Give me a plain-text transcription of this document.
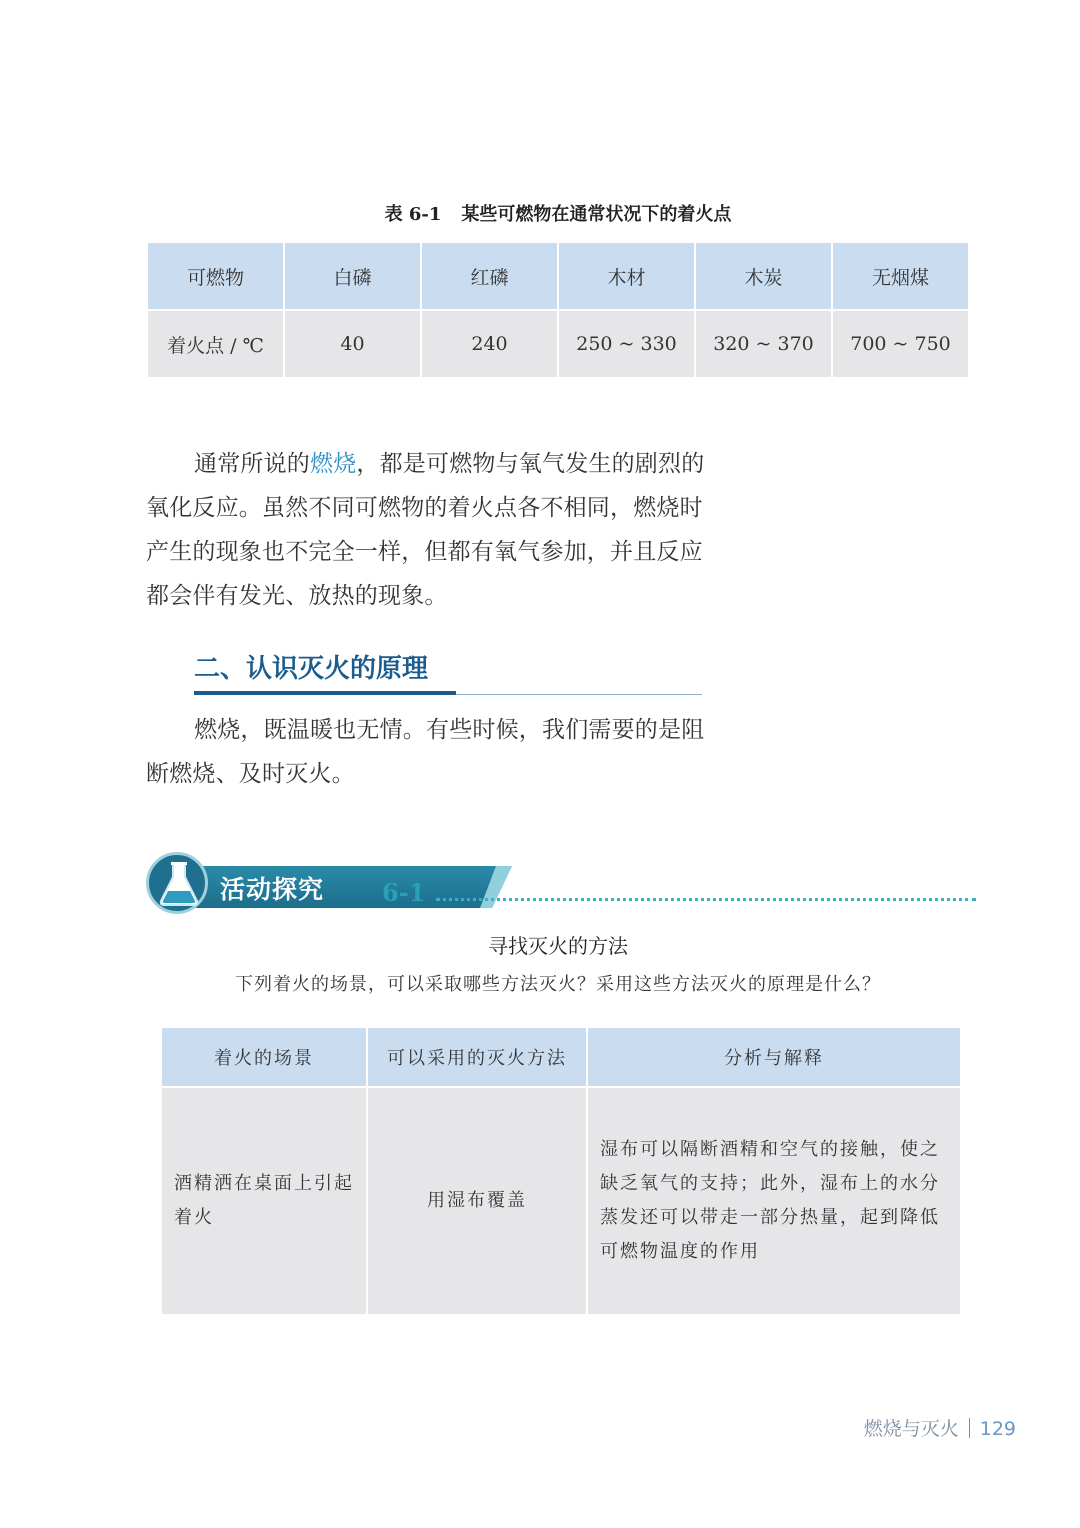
表 6-1 某些可燃物在通常状况下的着火点
可燃物	白磷	红磷	木材	木炭	无烟煤
着火点 / ℃	40	240	250 ~ 330	320 ~ 370	700 ~ 750

通常所说的燃烧，都是可燃物与氧气发生的剧烈的氧化反应。虽然不同可燃物的着火点各不相同，燃烧时产生的现象也不完全一样，但都有氧气参加，并且反应都会伴有发光、放热的现象。

二、认识灭火的原理

燃烧，既温暖也无情。有些时候，我们需要的是阻断燃烧、及时灭火。

活动探究 6-1
寻找灭火的方法
下列着火的场景，可以采取哪些方法灭火？采用这些方法灭火的原理是什么？
着火的场景	可以采用的灭火方法	分析与解释
酒精洒在桌面上引起着火	用湿布覆盖	湿布可以隔断酒精和空气的接触，使之缺乏氧气的支持；此外，湿布上的水分蒸发还可以带走一部分热量，起到降低可燃物温度的作用
燃烧与灭火 129
